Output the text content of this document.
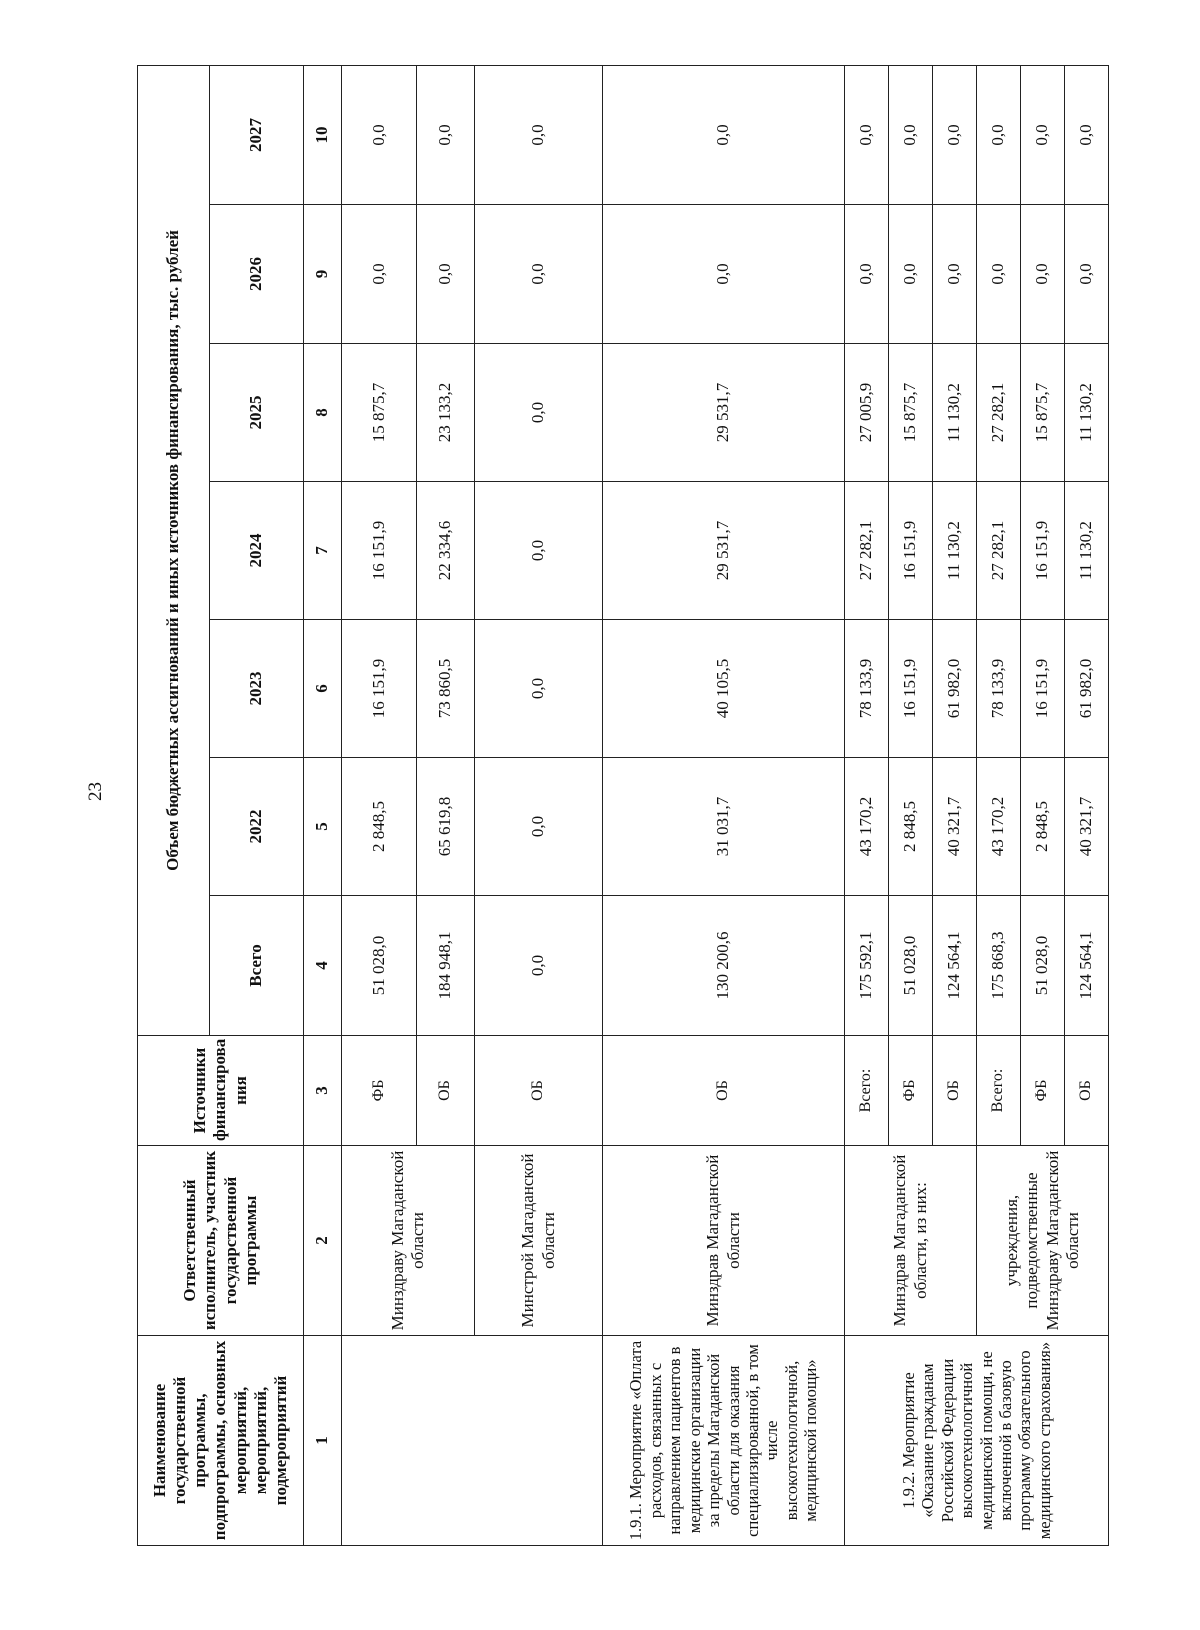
23
Наименование государственной программы, подпрограммы, основных мероприятий, мероприятий, подмероприятий	Ответственный исполнитель, участник государственной программы	Источники финансирова ния	Объем бюджетных ассигнований и иных источников финансирования, тыс. рублей						
			Всего	2022	2023	2024	2025	2026	2027
1	2	3	4	5	6	7	8	9	10
	Минздраву Магаданской области	ФБ	51 028,0	2 848,5	16 151,9	16 151,9	15 875,7	0,0	0,0
		ОБ	184 948,1	65 619,8	73 860,5	22 334,6	23 133,2	0,0	0,0
	Минстрой Магаданской области	ОБ	0,0	0,0	0,0	0,0	0,0	0,0	0,0
1.9.1. Мероприятие «Оплата расходов, связанных с направлением пациентов в медицинские организации за пределы Магаданской области для оказания специализированной, в том числе высокотехнологичной, медицинской помощи»	Минздрав Магаданской области	ОБ	130 200,6	31 031,7	40 105,5	29 531,7	29 531,7	0,0	0,0
1.9.2. Мероприятие «Оказание гражданам Российской Федерации высокотехнологичной медицинской помощи, не включенной в базовую программу обязательного медицинского страхования»	Минздрав Магаданской области, из них:	Всего:	175 592,1	43 170,2	78 133,9	27 282,1	27 005,9	0,0	0,0
		ФБ	51 028,0	2 848,5	16 151,9	16 151,9	15 875,7	0,0	0,0
		ОБ	124 564,1	40 321,7	61 982,0	11 130,2	11 130,2	0,0	0,0
	учреждения, подведомственные Минздраву Магаданской области	Всего:	175 868,3	43 170,2	78 133,9	27 282,1	27 282,1	0,0	0,0
		ФБ	51 028,0	2 848,5	16 151,9	16 151,9	15 875,7	0,0	0,0
		ОБ	124 564,1	40 321,7	61 982,0	11 130,2	11 130,2	0,0	0,0
